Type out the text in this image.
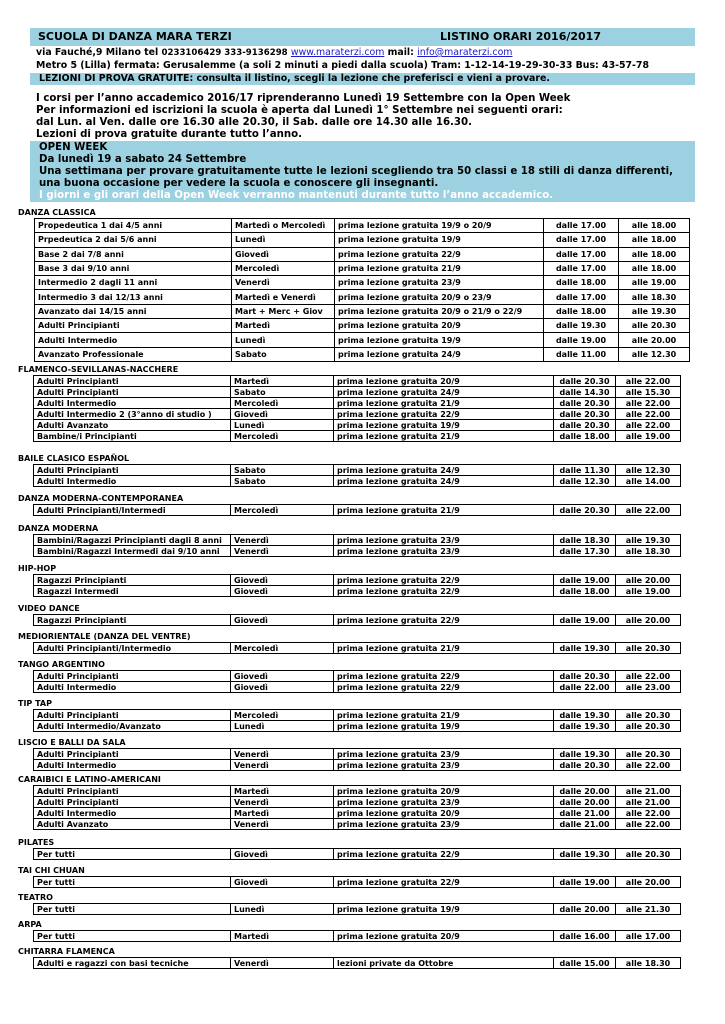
SCUOLA DI DANZA MARA TERZI	LISTINO ORARI 2016/2017
via Fauché,9 Milano tel 0233106429 333-9136298 www.maraterzi.com mail: info@maraterzi.com
Metro 5 (Lilla) fermata: Gerusalemme (a soli 2 minuti a piedi dalla scuola) Tram: 1-12-14-19-29-30-33 Bus: 43-57-78
LEZIONI DI PROVA GRATUITE: consulta il listino, scegli la lezione che preferisci e vieni a provare.
I corsi per l’anno accademico 2016/17 riprenderanno Lunedì 19 Settembre con la Open Week
Per informazioni ed iscrizioni la scuola è aperta dal Lunedì 1° Settembre nei seguenti orari:
dal Lun. al Ven. dalle ore 16.30 alle 20.30, il Sab. dalle ore 14.30 alle 16.30.
Lezioni di prova gratuite durante tutto l’anno.
OPEN WEEK
Da lunedì 19 a sabato 24 Settembre
Una settimana per provare gratuitamente tutte le lezioni scegliendo tra 50 classi e 18 stili di danza differenti,
una buona occasione per vedere la scuola e conoscere gli insegnanti.
I giorni e gli orari della Open Week verranno mantenuti durante tutto l’anno accademico.
DANZA CLASSICA
Propedeutica 1 dai 4/5 anni	Martedì o Mercoledì	prima lezione gratuita 19/9 o 20/9	dalle 17.00	alle 18.00
Prpedeutica 2 dai 5/6 anni	Lunedì	prima lezione gratuita 19/9	dalle 17.00	alle 18.00
Base 2 dai 7/8 anni	Giovedì	prima lezione gratuita 22/9	dalle 17.00	alle 18.00
Base 3 dai 9/10 anni	Mercoledì	prima lezione gratuita 21/9	dalle 17.00	alle 18.00
Intermedio 2 dagli 11 anni	Venerdì	prima lezione gratuita 23/9	dalle 18.00	alle 19.00
Intermedio 3 dai 12/13 anni	Martedì e Venerdì	prima lezione gratuita 20/9 o 23/9	dalle 17.00	alle 18.30
Avanzato dai 14/15 anni	Mart + Merc + Giov	prima lezione gratuita 20/9 o 21/9 o 22/9	dalle 18.00	alle 19.30
Adulti Principianti	Martedì	prima lezione gratuita 20/9	dalle 19.30	alle 20.30
Adulti Intermedio	Lunedì	prima lezione gratuita 19/9	dalle 19.00	alle 20.00
Avanzato Professionale	Sabato	prima lezione gratuita 24/9	dalle 11.00	alle 12.30
FLAMENCO-SEVILLANAS-NACCHERE
Adulti Principianti	Martedì	prima lezione gratuita 20/9	dalle 20.30	alle 22.00
Adulti Principianti	Sabato	prima lezione gratuita 24/9	dalle 14.30	alle 15.30
Adulti Intermedio	Mercoledì	prima lezione gratuita 21/9	dalle 20.30	alle 22.00
Adulti Intermedio 2 (3°anno di studio )	Giovedì	prima lezione gratuita 22/9	dalle 20.30	alle 22.00
Adulti Avanzato	Lunedì	prima lezione gratuita 19/9	dalle 20.30	alle 22.00
Bambine/i Principianti	Mercoledì	prima lezione gratuita 21/9	dalle 18.00	alle 19.00
BAILE CLASICO ESPAÑOL
Adulti Principianti	Sabato	prima lezione gratuita 24/9	dalle 11.30	alle 12.30
Adulti Intermedio	Sabato	prima lezione gratuita 24/9	dalle 12.30	alle 14.00
DANZA MODERNA-CONTEMPORANEA
Adulti Principianti/Intermedi	Mercoledì	prima lezione gratuita 21/9	dalle 20.30	alle 22.00
DANZA MODERNA
Bambini/Ragazzi Principianti dagli 8 anni	Venerdì	prima lezione gratuita 23/9	dalle 18.30	alle 19.30
Bambini/Ragazzi Intermedi dai 9/10 anni	Venerdì	prima lezione gratuita 23/9	dalle 17.30	alle 18.30
HIP-HOP
Ragazzi Principianti	Giovedì	prima lezione gratuita 22/9	dalle 19.00	alle 20.00
Ragazzi Intermedi	Giovedì	prima lezione gratuita 22/9	dalle 18.00	alle 19.00
VIDEO DANCE
Ragazzi Principianti	Giovedì	prima lezione gratuita 22/9	dalle 19.00	alle 20.00
MEDIORIENTALE (DANZA DEL VENTRE)
Adulti Principianti/Intermedio	Mercoledì	prima lezione gratuita 21/9	dalle 19.30	alle 20.30
TANGO ARGENTINO
Adulti Principianti	Giovedì	prima lezione gratuita 22/9	dalle 20.30	alle 22.00
Adulti Intermedio	Giovedì	prima lezione gratuita 22/9	dalle 22.00	alle 23.00
TIP TAP
Adulti Principianti	Mercoledì	prima lezione gratuita 21/9	dalle 19.30	alle 20.30
Adulti Intermedio/Avanzato	Lunedì	prima lezione gratuita 19/9	dalle 19.30	alle 20.30
LISCIO E BALLI DA SALA
Adulti Principianti	Venerdì	prima lezione gratuita 23/9	dalle 19.30	alle 20.30
Adulti Intermedio	Venerdì	prima lezione gratuita 23/9	dalle 20.30	alle 22.00
CARAIBICI E LATINO-AMERICANI
Adulti Principianti	Martedì	prima lezione gratuita 20/9	dalle 20.00	alle 21.00
Adulti Principianti	Venerdì	prima lezione gratuita 23/9	dalle 20.00	alle 21.00
Adulti Intermedio	Martedì	prima lezione gratuita 20/9	dalle 21.00	alle 22.00
Adulti Avanzato	Venerdì	prima lezione gratuita 23/9	dalle 21.00	alle 22.00
PILATES
Per tutti	Giovedì	prima lezione gratuita 22/9	dalle 19.30	alle 20.30
TAI CHI CHUAN
Per tutti	Giovedì	prima lezione gratuita 22/9	dalle 19.00	alle 20.00
TEATRO
Per tutti	Lunedì	prima lezione gratuita 19/9	dalle 20.00	alle 21.30
ARPA
Per tutti	Martedì	prima lezione gratuita 20/9	dalle 16.00	alle 17.00
CHITARRA FLAMENCA
Adulti e ragazzi con basi tecniche	Venerdì	lezioni private da Ottobre	dalle 15.00	alle 18.30
